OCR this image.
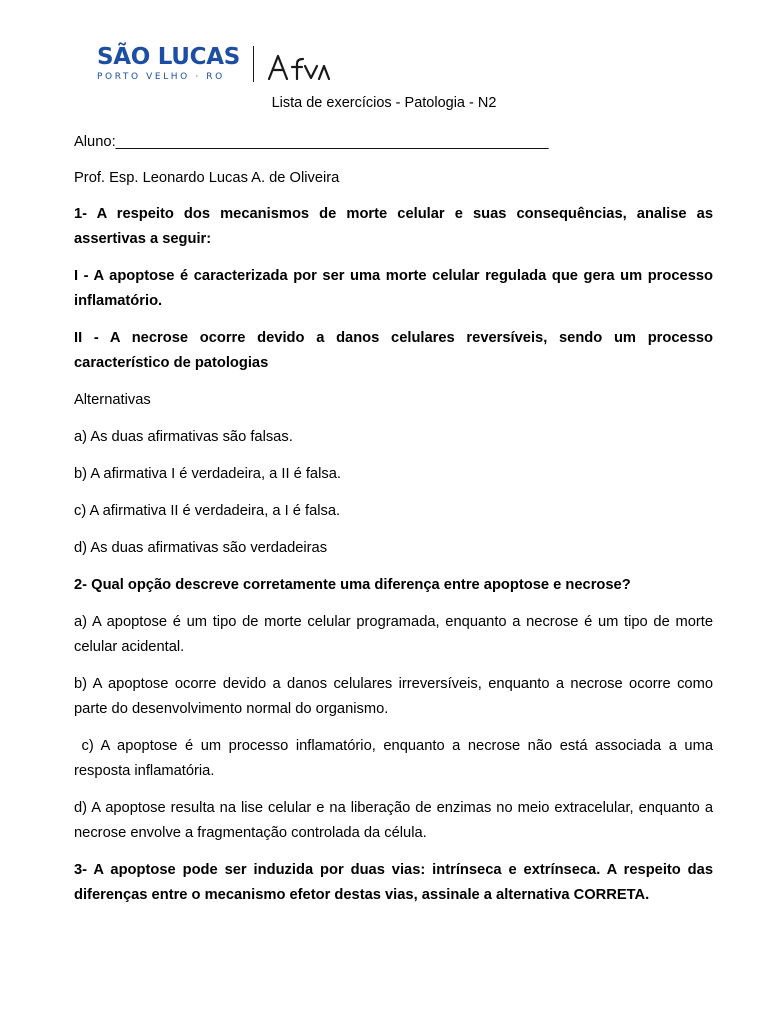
SÃO LUCAS
PORTO VELHO · RO
Lista de exercícios - Patologia - N2

Aluno:_____________________________________________________

Prof. Esp. Leonardo Lucas A. de Oliveira

1- A respeito dos mecanismos de morte celular e suas consequências, analise as assertivas a seguir:

I - A apoptose é caracterizada por ser uma morte celular regulada que gera um processo inflamatório.

II - A necrose ocorre devido a danos celulares reversíveis, sendo um processo característico de patologias

Alternativas

a) As duas afirmativas são falsas.

b) A afirmativa I é verdadeira, a II é falsa.

c) A afirmativa II é verdadeira, a I é falsa.

d) As duas afirmativas são verdadeiras

2- Qual opção descreve corretamente uma diferença entre apoptose e necrose?

a) A apoptose é um tipo de morte celular programada, enquanto a necrose é um tipo de morte celular acidental.

b) A apoptose ocorre devido a danos celulares irreversíveis, enquanto a necrose ocorre como parte do desenvolvimento normal do organismo.

c) A apoptose é um processo inflamatório, enquanto a necrose não está associada a uma resposta inflamatória.

d) A apoptose resulta na lise celular e na liberação de enzimas no meio extracelular, enquanto a necrose envolve a fragmentação controlada da célula.

3- A apoptose pode ser induzida por duas vias: intrínseca e extrínseca. A respeito das diferenças entre o mecanismo efetor destas vias, assinale a alternativa CORRETA.
